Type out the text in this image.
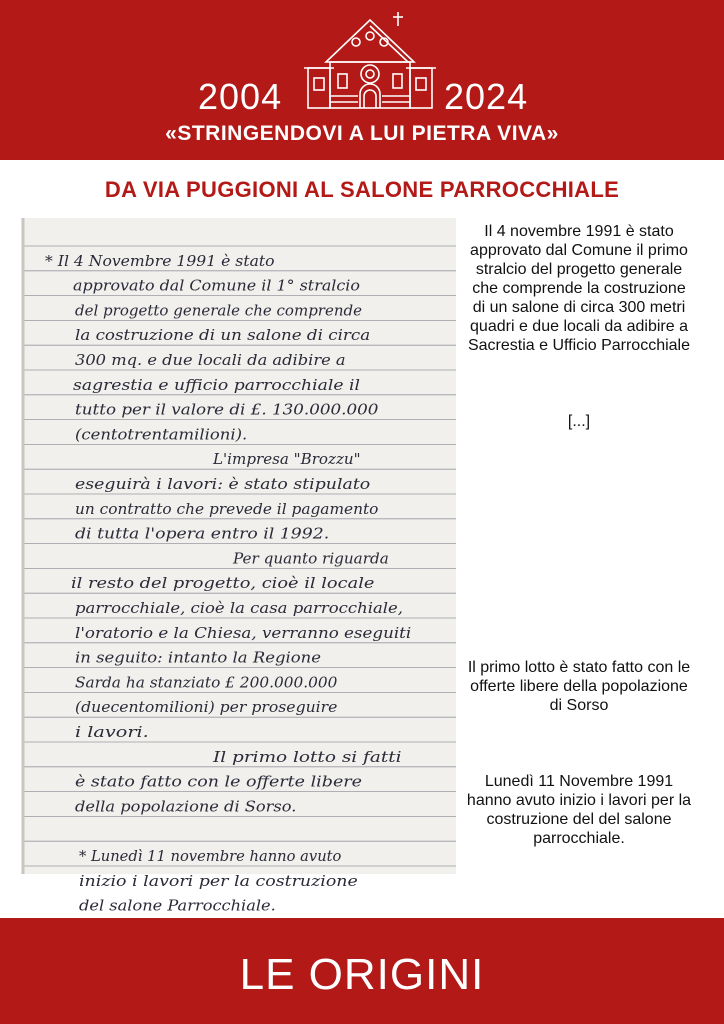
2004	2024
«STRINGENDOVI A LUI PIETRA VIVA»
DA VIA PUGGIONI AL SALONE PARROCCHIALE
* Il 4 Novembre 1991 è stato
approvato dal Comune il 1° stralcio
del progetto generale che comprende
la costruzione di un salone di circa
300 mq. e due locali da adibire a
sagrestia e ufficio parrocchiale il
tutto per il valore di £. 130.000.000
(centotrentamilioni).
L'impresa "Brozzu"
eseguirà i lavori: è stato stipulato
un contratto che prevede il pagamento
di tutta l'opera entro il 1992.
Per quanto riguarda
il resto del progetto, cioè il locale
parrocchiale, cioè la casa parrocchiale,
l'oratorio e la Chiesa, verranno eseguiti
in seguito: intanto la Regione
Sarda ha stanziato £ 200.000.000
(duecentomilioni) per proseguire
i lavori.
Il primo lotto si fatti
è stato fatto con le offerte libere
della popolazione di Sorso.
* Lunedì 11 novembre hanno avuto
inizio i lavori per la costruzione
del salone Parrocchiale.
Il 4 novembre 1991 è stato approvato dal Comune il primo stralcio del progetto generale che comprende la costruzione di un salone di circa 300 metri quadri e due locali da adibire a Sacrestia e Ufficio Parrocchiale
[...]
Il primo lotto è stato fatto con le offerte libere della popolazione di Sorso
Lunedì 11 Novembre 1991 hanno avuto inizio i lavori per la costruzione del del salone parrocchiale.
LE ORIGINI
